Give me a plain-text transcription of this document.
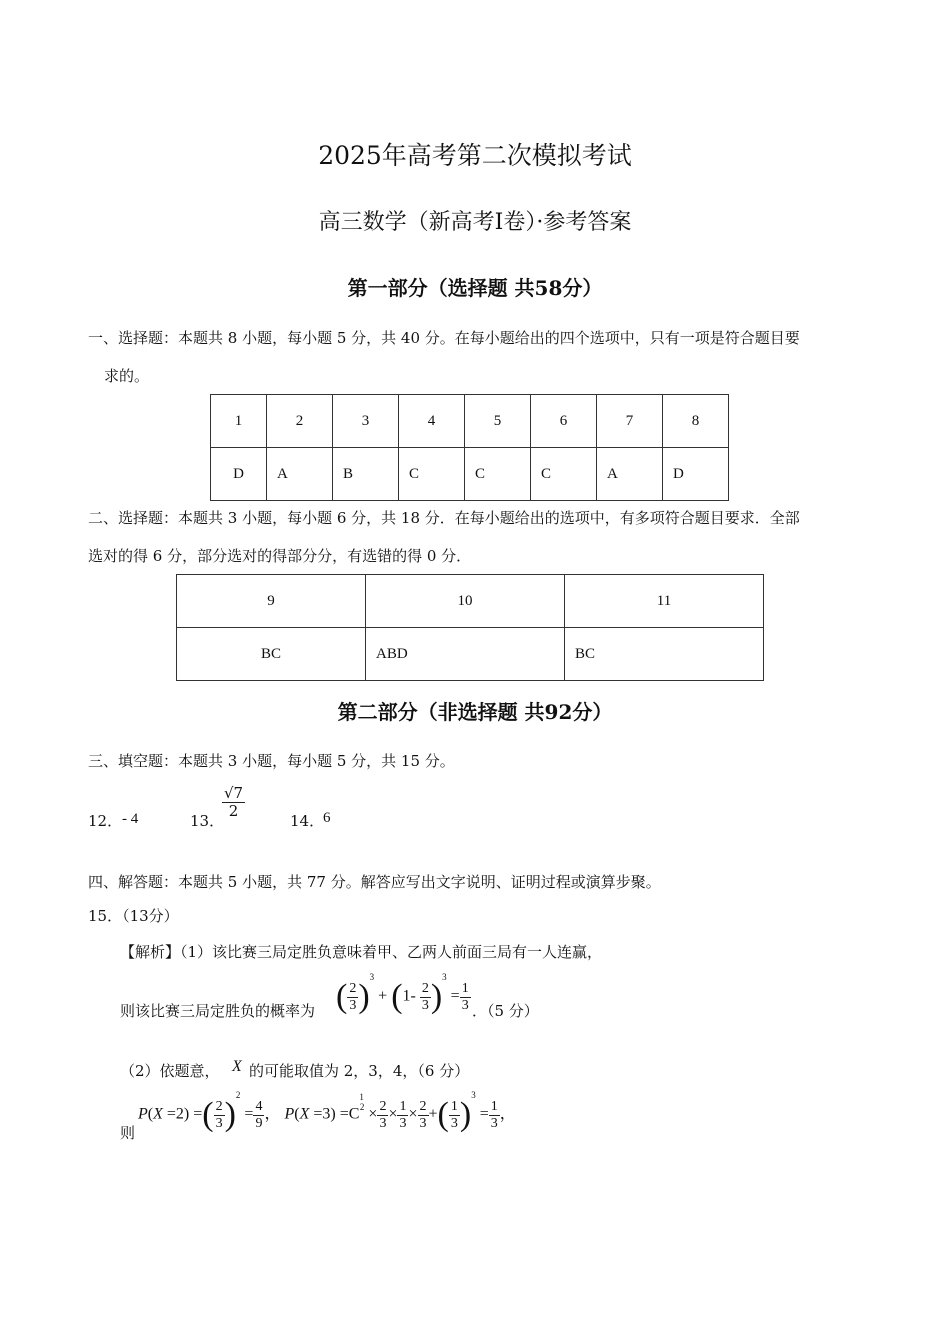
2025年高考第二次模拟考试
高三数学（新高考Ⅰ卷）·参考答案
第一部分（选择题 共58分）
一、选择题：本题共 8 小题，每小题 5 分，共 40 分。在每小题给出的四个选项中，只有一项是符合题目要
求的。
1	2	3	4	5	6	7	8
D	A	B	C	C	C	A	D
二、选择题：本题共 3 小题，每小题 6 分，共 18 分．在每小题给出的选项中，有多项符合题目要求．全部
选对的得 6 分，部分选对的得部分分，有选错的得 0 分．
9	10	11
BC	ABD	BC
第二部分（非选择题 共92分）
三、填空题：本题共 3 小题，每小题 5 分，共 15 分。
12． - 4	13．
$\frac{√7}{2}$
14．
6
四、解答题：本题共 5 小题，共 77 分。解答应写出文字说明、证明过程或演算步聚。
15．（13分）
【解析】（1）该比赛三局定胜负意味着甲、乙两人前面三局有一人连赢，
则该比赛三局定胜负的概率为 ( $\frac{2}{3} )^3 + (1- \frac{2}{3} )^3 = \frac{1}{3}$ ．（5 分）
（2）依题意， X 的可能取值为 2，3，4，（6 分）
则
P(X =2) =( $\frac{2}{3} )^2 = \frac{4}{9}$ ， $P(X =3) =C^{12} \times \frac{2}{3} \times \frac{1}{3} \times \frac{2}{3}$ +( $\frac{1}{3} )^3 = \frac{1}{3}$ ，
